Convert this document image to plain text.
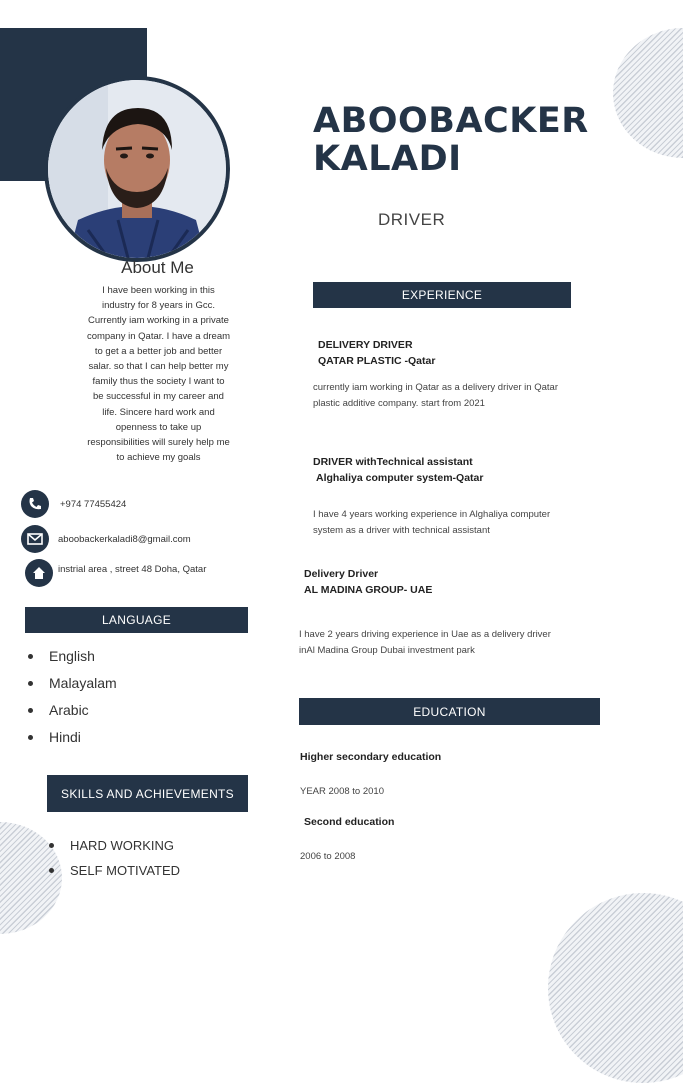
ABOOBACKER
KALADI
DRIVER
About Me
I have been working in this
industry for 8 years in Gcc.
Currently iam working in a private
company in Qatar. I have a dream
to get a a better job and better
salar. so that I can help better my
family thus the society I want to
be successful in my career and
life. Sincere hard work and
openness to take up
responsibilities will surely help me
to achieve my goals
+974 77455424
aboobackerkaladi8@gmail.com
instrial area , street 48 Doha, Qatar
LANGUAGE
English
Malayalam
Arabic
Hindi
SKILLS AND ACHIEVEMENTS
HARD WORKING
SELF MOTIVATED
EXPERIENCE
DELIVERY DRIVER
QATAR PLASTIC -Qatar
currently iam working in Qatar as a delivery driver in Qatar
plastic additive company. start from 2021
DRIVER withTechnical assistant
Alghaliya computer system-Qatar
I have 4 years working experience in Alghaliya computer
system as a driver with technical assistant
Delivery Driver
AL MADINA GROUP- UAE
I have 2 years driving experience in Uae as a delivery driver
inAl Madina Group Dubai investment park
EDUCATION
Higher secondary education
YEAR 2008 to 2010
Second education
2006 to 2008
